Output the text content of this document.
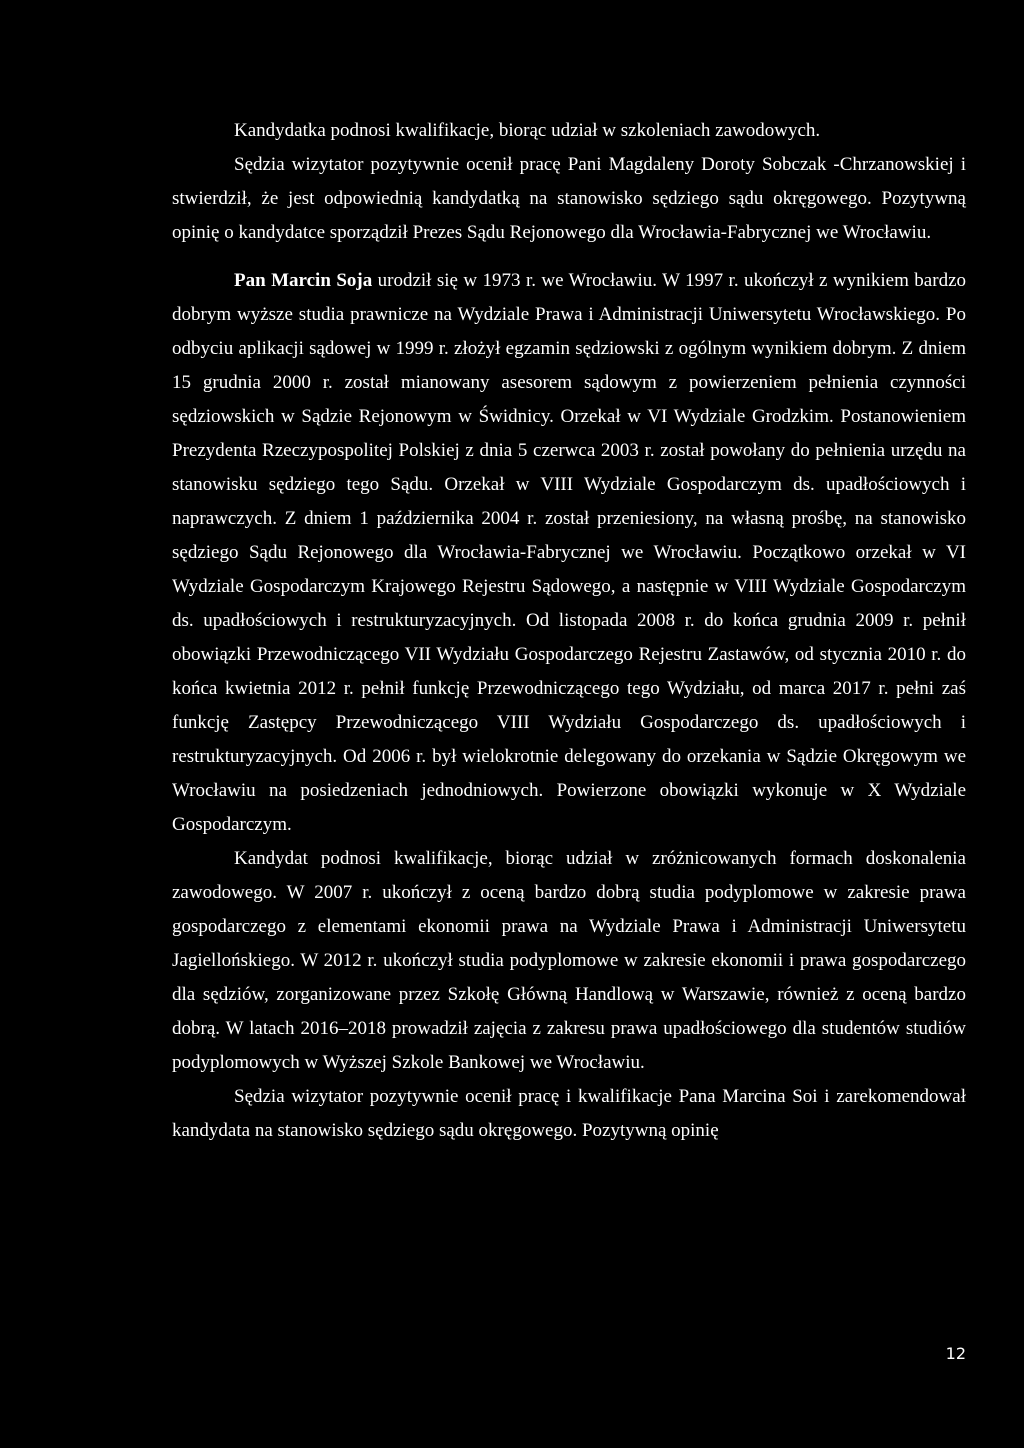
Kandydatka podnosi kwalifikacje, biorąc udział w szkoleniach zawodowych.

Sędzia wizytator pozytywnie ocenił pracę Pani Magdaleny Doroty Sobczak -Chrzanowskiej i stwierdził, że jest odpowiednią kandydatką na stanowisko sędziego sądu okręgowego. Pozytywną opinię o kandydatce sporządził Prezes Sądu Rejonowego dla Wrocławia-Fabrycznej we Wrocławiu.

Pan Marcin Soja urodził się w 1973 r. we Wrocławiu. W 1997 r. ukończył z wynikiem bardzo dobrym wyższe studia prawnicze na Wydziale Prawa i Administracji Uniwersytetu Wrocławskiego. Po odbyciu aplikacji sądowej w 1999 r. złożył egzamin sędziowski z ogólnym wynikiem dobrym. Z dniem 15 grudnia 2000 r. został mianowany asesorem sądowym z powierzeniem pełnienia czynności sędziowskich w Sądzie Rejonowym w Świdnicy. Orzekał w VI Wydziale Grodzkim. Postanowieniem Prezydenta Rzeczypospolitej Polskiej z dnia 5 czerwca 2003 r. został powołany do pełnienia urzędu na stanowisku sędziego tego Sądu. Orzekał w VIII Wydziale Gospodarczym ds. upadłościowych i naprawczych. Z dniem 1 października 2004 r. został przeniesiony, na własną prośbę, na stanowisko sędziego Sądu Rejonowego dla Wrocławia-Fabrycznej we Wrocławiu. Początkowo orzekał w VI Wydziale Gospodarczym Krajowego Rejestru Sądowego, a następnie w VIII Wydziale Gospodarczym ds. upadłościowych i restrukturyzacyjnych. Od listopada 2008 r. do końca grudnia 2009 r. pełnił obowiązki Przewodniczącego VII Wydziału Gospodarczego Rejestru Zastawów, od stycznia 2010 r. do końca kwietnia 2012 r. pełnił funkcję Przewodniczącego tego Wydziału, od marca 2017 r. pełni zaś funkcję Zastępcy Przewodniczącego VIII Wydziału Gospodarczego ds. upadłościowych i restrukturyzacyjnych. Od 2006 r. był wielokrotnie delegowany do orzekania w Sądzie Okręgowym we Wrocławiu na posiedzeniach jednodniowych. Powierzone obowiązki wykonuje w X Wydziale Gospodarczym.

Kandydat podnosi kwalifikacje, biorąc udział w zróżnicowanych formach doskonalenia zawodowego. W 2007 r. ukończył z oceną bardzo dobrą studia podyplomowe w zakresie prawa gospodarczego z elementami ekonomii prawa na Wydziale Prawa i Administracji Uniwersytetu Jagiellońskiego. W 2012 r. ukończył studia podyplomowe w zakresie ekonomii i prawa gospodarczego dla sędziów, zorganizowane przez Szkołę Główną Handlową w Warszawie, również z oceną bardzo dobrą. W latach 2016–2018 prowadził zajęcia z zakresu prawa upadłościowego dla studentów studiów podyplomowych w Wyższej Szkole Bankowej we Wrocławiu.

Sędzia wizytator pozytywnie ocenił pracę i kwalifikacje Pana Marcina Soi i zarekomendował kandydata na stanowisko sędziego sądu okręgowego. Pozytywną opinię

12
